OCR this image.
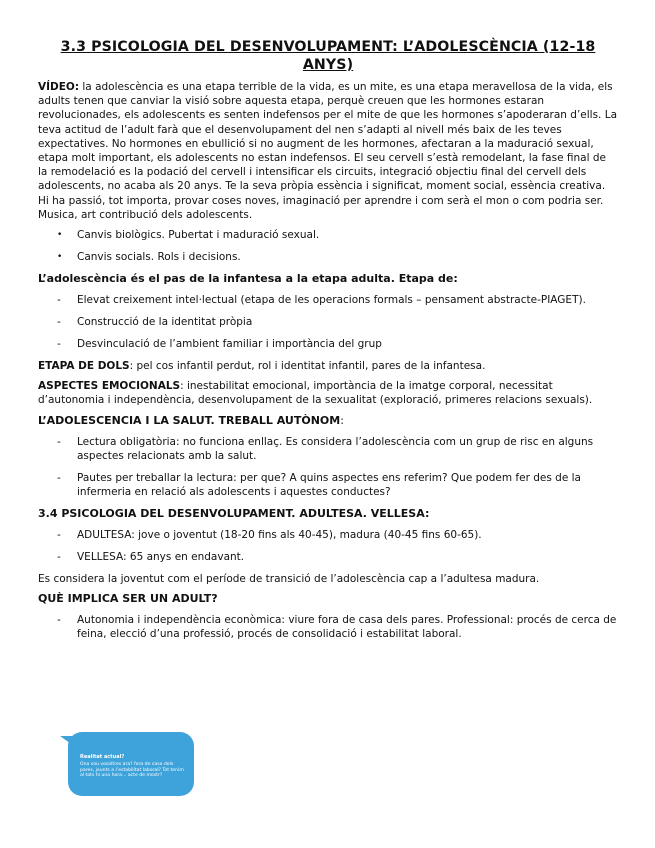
3.3 PSICOLOGIA DEL DESENVOLUPAMENT: L’ADOLESCÈNCIA (12-18 ANYS)

VÍDEO: la adolescència es una etapa terrible de la vida, es un mite, es una etapa meravellosa de la vida, els adults tenen que canviar la visió sobre aquesta etapa, perquè creuen que les hormones estaran revolucionades, els adolescents es senten indefensos per el mite de que les hormones s’apoderaran d’ells. La teva actitud de l’adult farà que el desenvolupament del nen s’adapti al nivell més baix de les teves expectatives. No hormones en ebullició si no augment de les hormones, afectaran a la maduració sexual, etapa molt important, els adolescents no estan indefensos. El seu cervell s’està remodelant, la fase final de la remodelació es la podació del cervell i intensificar els circuits, integració objectiu final del cervell dels adolescents, no acaba als 20 anys. Te la seva pròpia essència i significat, moment social, essència creativa. Hi ha passió, tot importa, provar coses noves, imaginació per aprendre i com serà el mon o com podria ser. Musica, art contribució dels adolescents.

•	Canvis biològics. Pubertat i maduració sexual.
•	Canvis socials. Rols i decisions.
L’adolescència és el pas de la infantesa a la etapa adulta. Etapa de:
-	Elevat creixement intel·lectual (etapa de les operacions formals – pensament abstracte-PIAGET).
-	Construcció de la identitat pròpia
-	Desvinculació de l’ambient familiar i importància del grup

ETAPA DE DOLS: pel cos infantil perdut, rol i identitat infantil, pares de la infantesa.

ASPECTES EMOCIONALS: inestabilitat emocional, importància de la imatge corporal, necessitat d’autonomia i independència, desenvolupament de la sexualitat (exploració, primeres relacions sexuals).

L’ADOLESCENCIA I LA SALUT. TREBALL AUTÒNOM:
-	Lectura obligatòria: no funciona enllaç. Es considera l’adolescència com un grup de risc en alguns aspectes relacionats amb la salut.
-	Pautes per treballar la lectura: per que? A quins aspectes ens referim? Que podem fer des de la infermeria en relació als adolescents i aquestes conductes?
3.4 PSICOLOGIA DEL DESENVOLUPAMENT. ADULTESA. VELLESA:
-	ADULTESA: jove o joventut (18-20 fins als 40-45), madura (40-45 fins 60-65).
-	VELLESA: 65 anys en endavant.

Es considera la joventut com el període de transició de l’adolescència cap a l’adultesa madura.

QUÈ IMPLICA SER UN ADULT?
-	Autonomia i independència econòmica: viure fora de casa dels pares. Professional: procés de cerca de feina, elecció d’una professió, procés de consolidació i estabilitat laboral.
Realitat actual?
Ona sou vosaltres ara? fora de casa dels pares, jeunts a l’estabilitat laboral? Tot tenim al tots hi una hora... acte de mostr?
